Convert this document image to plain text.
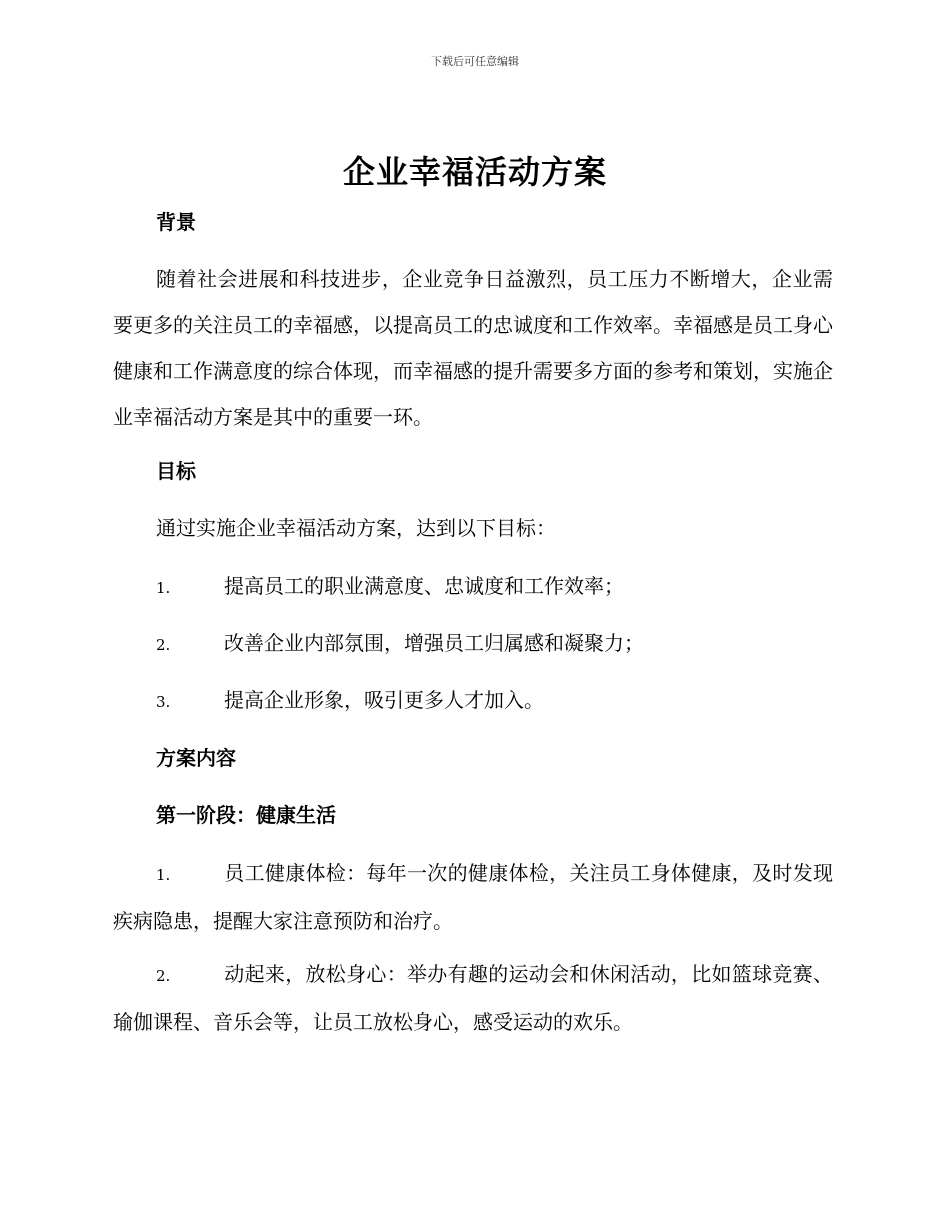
下载后可任意编辑
企业幸福活动方案
背景
随着社会进展和科技进步，企业竞争日益激烈，员工压力不断增大，企业需要更多的关注员工的幸福感，以提高员工的忠诚度和工作效率。幸福感是员工身心健康和工作满意度的综合体现，而幸福感的提升需要多方面的参考和策划，实施企业幸福活动方案是其中的重要一环。
目标
通过实施企业幸福活动方案，达到以下目标：
1.	提高员工的职业满意度、忠诚度和工作效率；
2.	改善企业内部氛围，增强员工归属感和凝聚力；
3.	提高企业形象，吸引更多人才加入。
方案内容
第一阶段：健康生活
1.	员工健康体检：每年一次的健康体检，关注员工身体健康，及时发现疾病隐患，提醒大家注意预防和治疗。
2.	动起来，放松身心：举办有趣的运动会和休闲活动，比如篮球竞赛、瑜伽课程、音乐会等，让员工放松身心，感受运动的欢乐。
